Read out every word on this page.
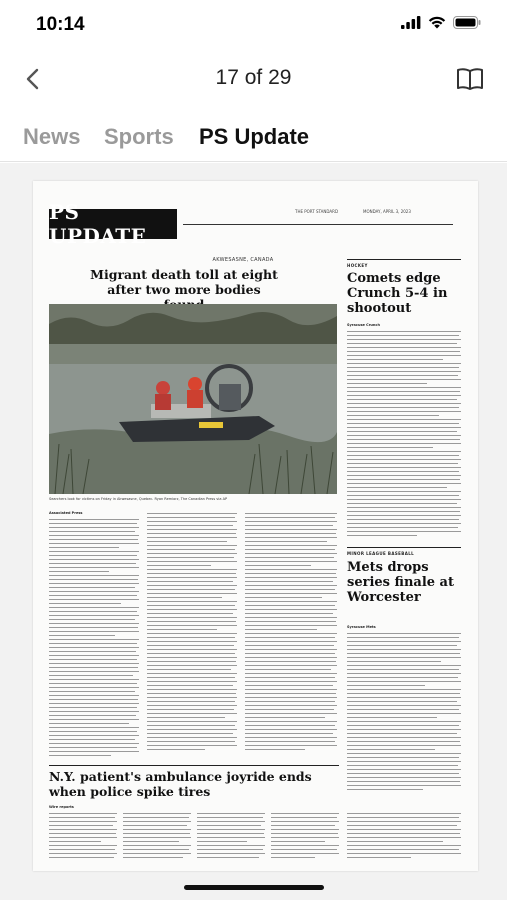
10:14
17 of 29
News Sports PS Update
PS UPDATE
THE PORT STANDARD	MONDAY, APRIL 3, 2023
AKWESASNE, CANADA
Migrant death toll at eight after two more bodies
Searchers look for victims on Friday in Akwesasne, Quebec. Ryan Remiorz, The Canadian Press via AP
Associated Press
HOCKEY
Comets edge Crunch 5-4 in shootout
Syracuse Crunch
MINOR LEAGUE BASEBALL
Mets drops series finale at Worcester
Syracuse Mets
N.Y. patient's ambulance joyride ends when police spike tires
Wire reports
